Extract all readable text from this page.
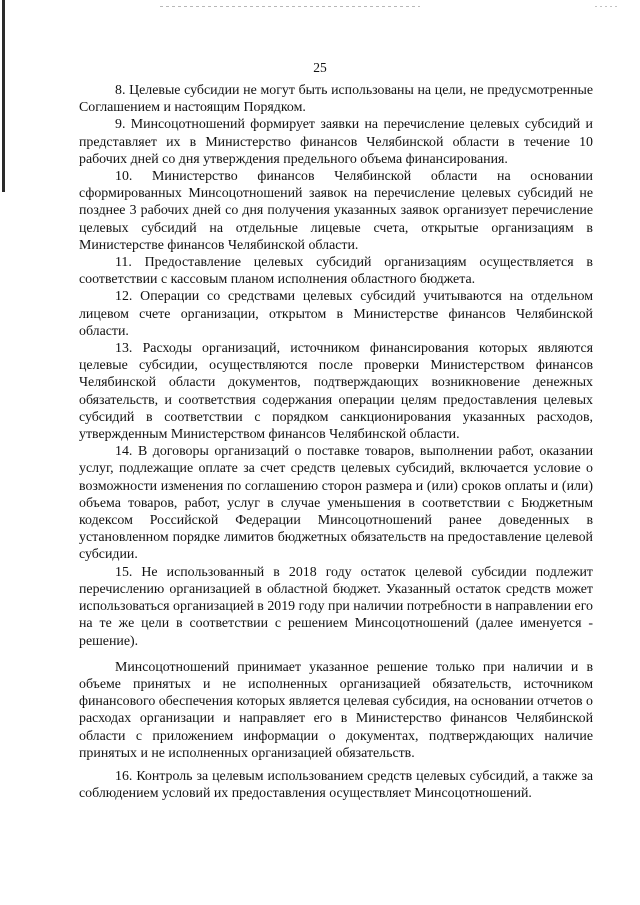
25

8. Целевые субсидии не могут быть использованы на цели, не предусмотренные Соглашением и настоящим Порядком.

9. Минсоцотношений формирует заявки на перечисление целевых субсидий и представляет их в Министерство финансов Челябинской области в течение 10 рабочих дней со дня утверждения предельного объема финансирования.

10. Министерство финансов Челябинской области на основании сформированных Минсоцотношений заявок на перечисление целевых субсидий не позднее 3 рабочих дней со дня получения указанных заявок организует перечисление целевых субсидий на отдельные лицевые счета, открытые организациям в Министерстве финансов Челябинской области.

11. Предоставление целевых субсидий организациям осуществляется в соответствии с кассовым планом исполнения областного бюджета.

12. Операции со средствами целевых субсидий учитываются на отдельном лицевом счете организации, открытом в Министерстве финансов Челябинской области.

13. Расходы организаций, источником финансирования которых являются целевые субсидии, осуществляются после проверки Министерством финансов Челябинской области документов, подтверждающих возникновение денежных обязательств, и соответствия содержания операции целям предоставления целевых субсидий в соответствии с порядком санкционирования указанных расходов, утвержденным Министерством финансов Челябинской области.

14. В договоры организаций о поставке товаров, выполнении работ, оказании услуг, подлежащие оплате за счет средств целевых субсидий, включается условие о возможности изменения по соглашению сторон размера и (или) сроков оплаты и (или) объема товаров, работ, услуг в случае уменьшения в соответствии с Бюджетным кодексом Российской Федерации Минсоцотношений ранее доведенных в установленном порядке лимитов бюджетных обязательств на предоставление целевой субсидии.

15. Не использованный в 2018 году остаток целевой субсидии подлежит перечислению организацией в областной бюджет. Указанный остаток средств может использоваться организацией в 2019 году при наличии потребности в направлении его на те же цели в соответствии с решением Минсоцотношений (далее именуется - решение).

Минсоцотношений принимает указанное решение только при наличии и в объеме принятых и не исполненных организацией обязательств, источником финансового обеспечения которых является целевая субсидия, на основании отчетов о расходах организации и направляет его в Министерство финансов Челябинской области с приложением информации о документах, подтверждающих наличие принятых и не исполненных организацией обязательств.

16. Контроль за целевым использованием средств целевых субсидий, а также за соблюдением условий их предоставления осуществляет Минсоцотношений.
